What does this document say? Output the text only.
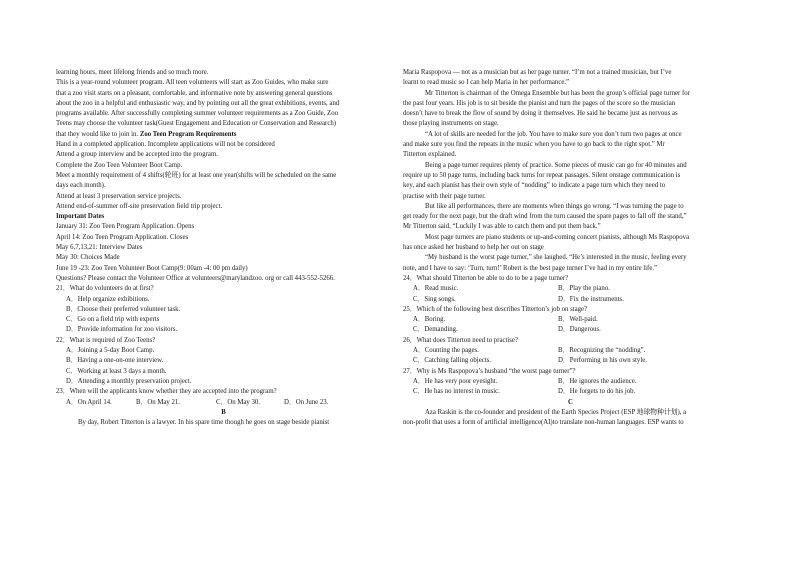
learning hours, meet lifelong friends and so much more.
This is a year-round volunteer program. All teen volunteers will start as Zoo Guides, who make sure
that a zoo visit starts on a pleasant, comfortable, and informative note by answering general questions
about the zoo in a helpful and enthusiastic way, and by pointing out all the great exhibitions, events, and
programs available. After successfully completing summer volunteer requirements as a Zoo Guide, Zoo
Teens may choose the volunteer task(Guest Engagement and Education or Conservation and Research)
that they would like to join in. Zoo Teen Program Requirements
Hand in a completed application. Incomplete applications will not be considered
Attend a group interview and be accepted into the program.
Complete the Zoo Teen Volunteer Boot Camp.
Meet a monthly requirement of 4 shifts(轮班) for at least one year(shifts will be scheduled on the same
days each month).
Attend at least 3 preservation service projects.
Attend end-of-summer off-site preservation field trip project.
Important Dates
January 31: Zoo Teen Program Application. Opens
April 14: Zoo Teen Program Application. Closes
May 6,7,13,21: Interview Dates
May 30: Choices Made
June 19 -23: Zoo Teen Volunteer Boot Camp(9: 00am -4: 00 pm daily)
Questions? Please contact the Volunteer Office at volunteers@marylandzoo. org or call 443-552-5266.
21．What do volunteers do at first?
A．Help organize exhibitions.
B．Choose their preferred volunteer task.
C．Go on a field trip with experts
D．Provide information for zoo visitors.
22．What is required of Zoo Teens?
A．Joining a 5-day Boot Camp.
B．Having a one-on-one interview.
C．Working at least 3 days a month.
D．Attending a monthly preservation project.
23．When will the applicants know whether they are accepted into the program?
A．On April 14.	B．On May 21.	C．On May 30.	D．On June 23.
B
By day, Robert Titterton is a lawyer. In his spare time though he goes on stage beside pianist
Maria Raspopova — not as a musician but as her page turner. “I’m not a trained musician, but I’ve
learnt to read music so I can help Maria in her performance.”
Mr Titterton is chairman of the Omega Ensemble but has been the group’s official page turner for
the past four years. His job is to sit beside the pianist and turn the pages of the score so the musician
doesn’t have to break the flow of sound by doing it themselves. He said he became just as nervous as
those playing instruments on stage.
“A lot of skills are needed for the job. You have to make sure you don’t turn two pages at once
and make sure you find the repeats in the music when you have to go back to the right spot.” Mr
Titterton explained.
Being a page turner requires plenty of practice. Some pieces of music can go for 40 minutes and
require up to 50 page turns, including back turns for repeat passages. Silent onstage communication is
key, and each pianist has their own style of “nodding” to indicate a page turn which they need to
practise with their page turner.
But like all performances, there are moments when things go wrong. “I was turning the page to
get ready for the next page, but the draft wind from the turn caused the spare pages to fall off the stand,”
Mr Titterton said, “Luckily I was able to catch them and put them back.”
Most page turners are piano students or up-and-coming concert pianists, although Ms Raspopova
has once asked her husband to help her out on stage
“My husband is the worst page turner,” she laughed. “He’s interested in the music, feeling every
note, and I have to say: ‘Turn, turn!’ Robert is the best page turner I’ve had in my entire life.”
24．What should Titterton be able to do to be a page turner?
A．Read music.	B．Play the piano.
C．Sing songs.	D．Fix the instruments.
25．Which of the following best describes Titterton’s job on stage?
A．Boring.	B．Well-paid.
C．Demanding.	D．Dangerous.
26．What does Titterton need to practise?
A．Counting the pages.	B．Recognizing the “nodding”.
C．Catching falling objects.	D．Performing in his own style.
27．Why is Ms Raspopova’s husband “the worst page turner”?
A．He has very poor eyesight.	B．He ignores the audience.
C．He has no interest in music.	D．He forgets to do his job.
C
Aza Raskin is the co-founder and president of the Earth Species Project (ESP 地球物种计划), a
non-profit that uses a form of artificial intelligence(AI)to translate non-human languages. ESP wants to
